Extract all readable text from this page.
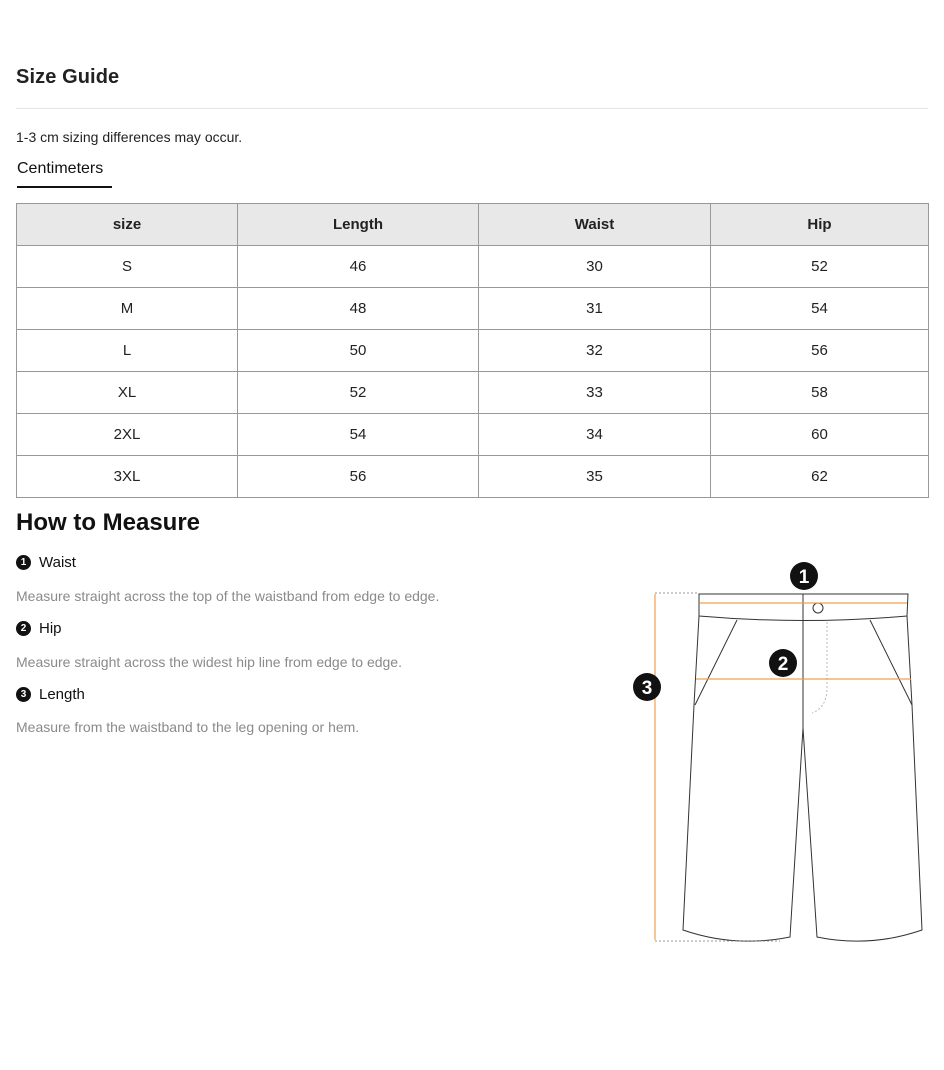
Size Guide
1-3 cm sizing differences may occur.
Centimeters
size	Length	Waist	Hip
S	46	30	52
M	48	31	54
L	50	32	56
XL	52	33	58
2XL	54	34	60
3XL	56	35	62
How to Measure
1 Waist
Measure straight across the top of the waistband from edge to edge.
2 Hip
Measure straight across the widest hip line from edge to edge.
3 Length
Measure from the waistband to the leg opening or hem.
1
2
3
